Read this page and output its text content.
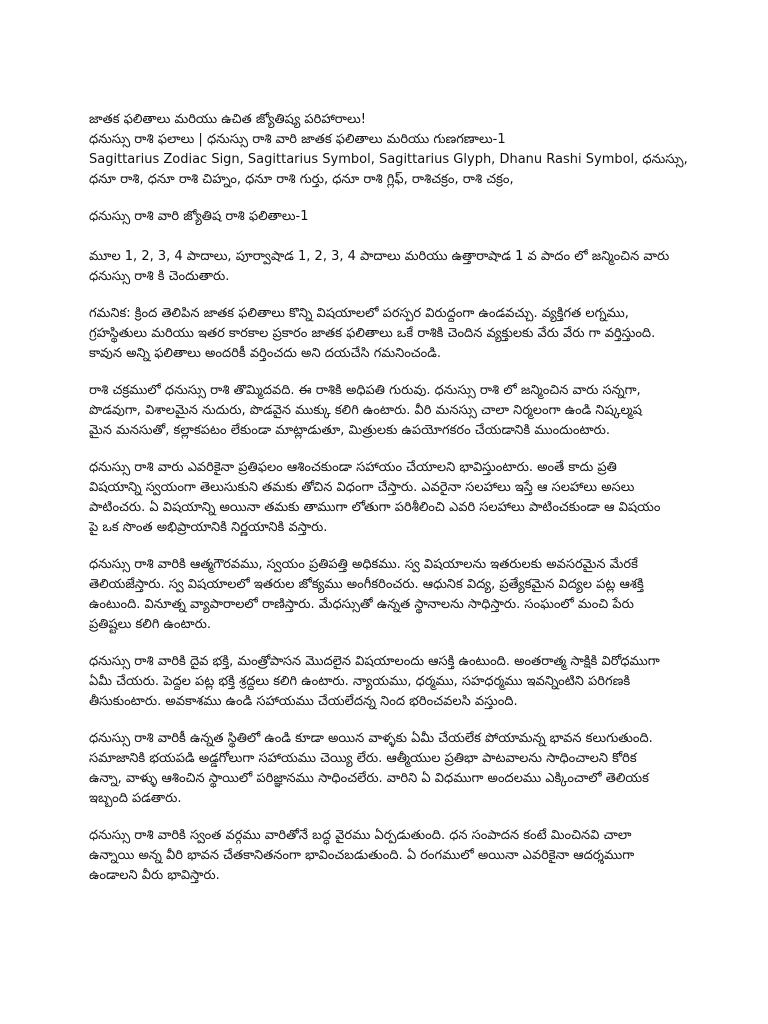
జాతక ఫలితాలు మరియు ఉచిత జ్యోతిష్య పరిహారాలు!
ధనుస్సు రాశి ఫలాలు | ధనుస్సు రాశి వారి జాతక ఫలితాలు మరియు గుణగణాలు-1
Sagittarius Zodiac Sign, Sagittarius Symbol, Sagittarius Glyph, Dhanu Rashi Symbol, ధనుస్సు,
ధనూ రాశి, ధనూ రాశి చిహ్నం, ధనూ రాశి గుర్తు, ధనూ రాశి గ్లిఫ్, రాశిచక్రం, రాశి చక్రం,
ధనుస్సు రాశి వారి జ్యోతిష రాశి ఫలితాలు-1
మూల 1, 2, 3, 4 పాదాలు, పూర్వాషాడ 1, 2, 3, 4 పాదాలు మరియు ఉత్తారాషాడ 1 వ పాదం లో జన్మించిన వారు
ధనుస్సు రాశి కి చెందుతారు.
గమనిక: క్రింద తెలిపిన జాతక ఫలితాలు కొన్ని విషయాలలో పరస్పర విరుద్దంగా ఉండవచ్చు. వ్యక్తిగత లగ్నము,
గ్రహస్థితులు మరియు ఇతర కారకాల ప్రకారం జాతక ఫలితాలు ఒకే రాశికి చెందిన వ్యక్తులకు వేరు వేరు గా వర్తిస్తుంది.
కావున అన్ని ఫలితాలు అందరికీ వర్తించదు అని దయచేసి గమనించండి.
రాశి చక్రములో ధనుస్సు రాశి తొమ్మిదవది. ఈ రాశికి అధిపతి గురువు. ధనుస్సు రాశి లో జన్మించిన వారు సన్నగా,
పొడవుగా, విశాలమైన నుదురు, పొడవైన ముక్కు కలిగి ఉంటారు. వీరి మనస్సు చాలా నిర్మలంగా ఉండి నిష్కల్మష
మైన మనసుతో, కల్లాకపటం లేకుండా మాట్లాడుతూ, మిత్రులకు ఉపయోగకరం చేయడానికి ముందుంటారు.
ధనుస్సు రాశి వారు ఎవరికైనా ప్రతిఫలం ఆశించకుండా సహాయం చేయాలని భావిస్తుంటారు. అంతే కాదు ప్రతి
విషయాన్ని స్వయంగా తెలుసుకుని తమకు తోచిన విధంగా చేస్తారు. ఎవరైనా సలహాలు ఇస్తే ఆ సలహాలు అసలు
పాటించరు. ఏ విషయాన్ని అయినా తమకు తాముగా లోతుగా పరిశీలించి ఎవరి సలహాలు పాటించకుండా ఆ విషయం
పై ఒక సొంత అభిప్రాయానికి నిర్ణయానికి వస్తారు.
ధనుస్సు రాశి వారికి ఆత్మగౌరవము, స్వయం ప్రతిపత్తి అధికము. స్వ విషయాలను ఇతరులకు అవసరమైన మేరకే
తెలియజేస్తారు. స్వ విషయాలలో ఇతరుల జోక్యము అంగీకరించరు. ఆధునిక విద్య, ప్రత్యేకమైన విద్యల పట్ల ఆశక్తి
ఉంటుంది. వినూత్న వ్యాపారాలలో రాణిస్తారు. మేధస్సుతో ఉన్నత స్థానాలను సాధిస్తారు. సంఘంలో మంచి పేరు
ప్రతిష్టలు కలిగి ఉంటారు.
ధనుస్సు రాశి వారికి దైవ భక్తి, మంత్రోపాసన మొదలైన విషయాలందు ఆసక్తి ఉంటుంది. అంతరాత్మ సాక్షికి విరోధముగా
ఏమీ చేయరు. పెద్దల పట్ల భక్తి శ్రద్దలు కలిగి ఉంటారు. న్యాయము, ధర్మము, సహధర్మము ఇవన్నింటిని పరిగణకి
తీసుకుంటారు. అవకాశము ఉండి సహాయము చేయలేదన్న నింద భరించవలసి వస్తుంది.
ధనుస్సు రాశి వారికీ ఉన్నత స్థితిలో ఉండి కూడా అయిన వాళ్ళకు ఏమీ చేయలేక పోయామన్న భావన కలుగుతుంది.
సమాజానికి భయపడి అడ్డగోలుగా సహాయము చెయ్యి లేరు. ఆత్మీయుల ప్రతిభా పాటవాలను సాధించాలని కోరిక
ఉన్నా, వాళ్ళు ఆశించిన స్థాయిలో పరిజ్ఞానము సాధించలేరు. వారిని ఏ విధముగా అందలము ఎక్కించాలో తెలియక
ఇబ్బంది పడతారు.
ధనుస్సు రాశి వారికి స్వంత వర్గము వారితోనే బద్ధ వైరము ఏర్పడుతుంది. ధన సంపాదన కంటే మించినవి చాలా
ఉన్నాయి అన్న వీరి భావన చేతకానితనంగా భావించబడుతుంది. ఏ రంగములో అయినా ఎవరికైనా ఆదర్శముగా
ఉండాలని వీరు భావిస్తారు.
